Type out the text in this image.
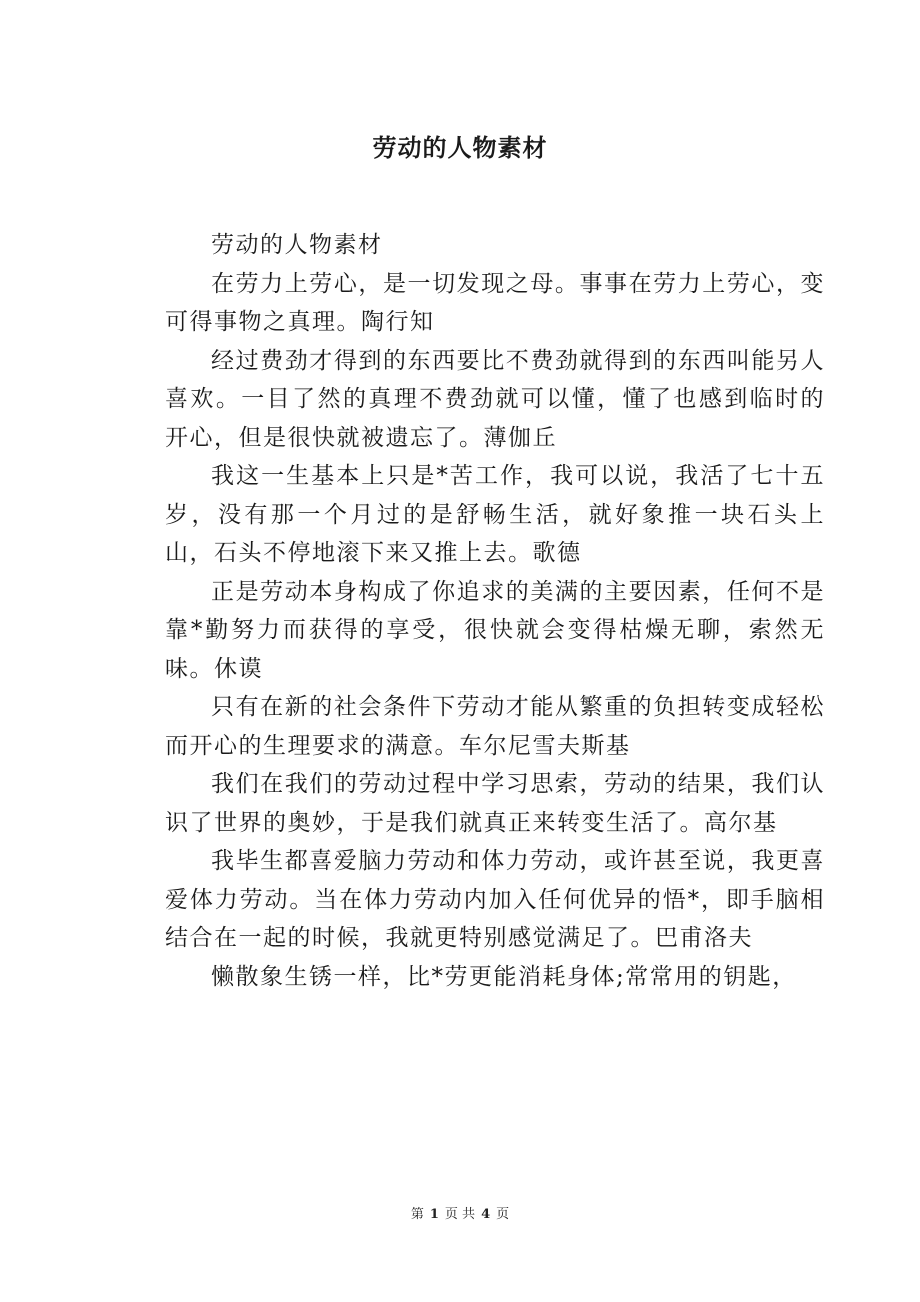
劳动的人物素材

劳动的人物素材

在劳力上劳心，是一切发现之母。事事在劳力上劳心，变可得事物之真理。陶行知

经过费劲才得到的东西要比不费劲就得到的东西叫能另人喜欢。一目了然的真理不费劲就可以懂，懂了也感到临时的开心，但是很快就被遗忘了。薄伽丘

我这一生基本上只是*苦工作，我可以说，我活了七十五岁，没有那一个月过的是舒畅生活，就好象推一块石头上山，石头不停地滚下来又推上去。歌德

正是劳动本身构成了你追求的美满的主要因素，任何不是靠*勤努力而获得的享受，很快就会变得枯燥无聊，索然无味。休谟

只有在新的社会条件下劳动才能从繁重的负担转变成轻松而开心的生理要求的满意。车尔尼雪夫斯基

我们在我们的劳动过程中学习思索，劳动的结果，我们认识了世界的奥妙，于是我们就真正来转变生活了。高尔基

我毕生都喜爱脑力劳动和体力劳动，或许甚至说，我更喜爱体力劳动。当在体力劳动内加入任何优异的悟*，即手脑相结合在一起的时候，我就更特别感觉满足了。巴甫洛夫

懒散象生锈一样，比*劳更能消耗身体;常常用的钥匙，

第 1 页 共 4 页
